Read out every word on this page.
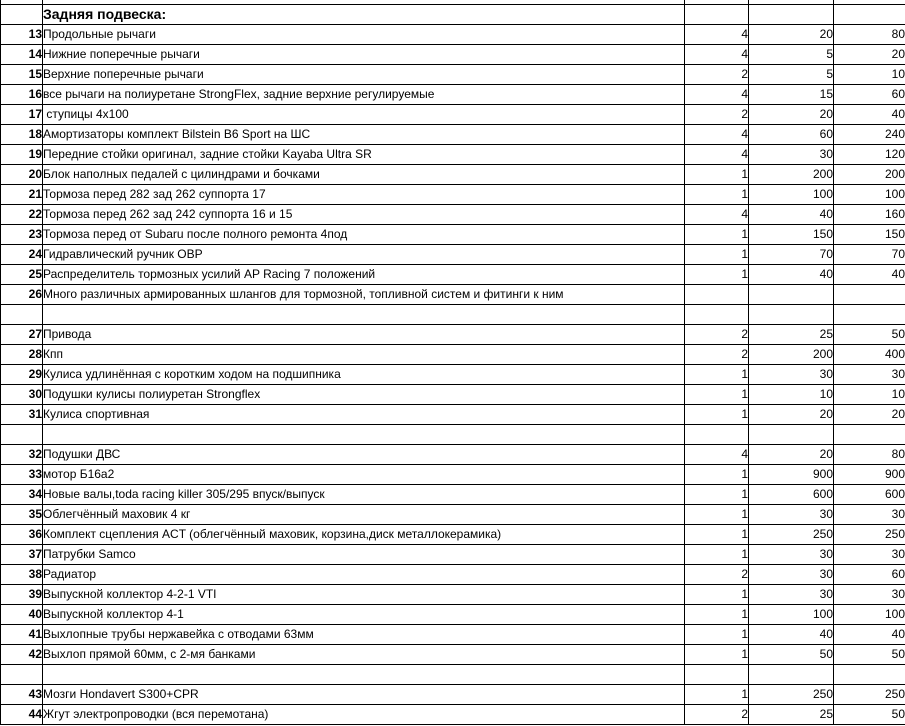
	Задняя подвеска:			
13	Продольные рычаги	4	20	80
14	Нижние поперечные рычаги	4	5	20
15	Верхние поперечные рычаги	2	5	10
16	все рычаги на полиуретане StrongFlex, задние верхние регулируемые	4	15	60
17	ступицы 4x100	2	20	40
18	Амортизаторы комплект Bilstein B6 Sport на ШС	4	60	240
19	Передние стойки оригинал, задние стойки Kayaba Ultra SR	4	30	120
20	Блок наполных педалей с цилиндрами и бочками	1	200	200
21	Тормоза перед 282 зад 262 суппорта 17	1	100	100
22	Тормоза перед 262 зад 242 суппорта 16 и 15	4	40	160
23	Тормоза перед от Subaru после полного ремонта 4под	1	150	150
24	Гидравлический ручник OBP	1	70	70
25	Распределитель тормозных усилий AP Racing 7 положений	1	40	40
26	Много различных армированных шлангов для тормозной, топливной систем и фитинги к ним			

27	Привода	2	25	50
28	Кпп	2	200	400
29	Кулиса удлинённая с коротким ходом на подшипника	1	30	30
30	Подушки кулисы полиуретан Strongflex	1	10	10
31	Кулиса спортивная	1	20	20

32	Подушки ДВС	4	20	80
33	мотор Б16а2	1	900	900
34	Новые валы,toda racing killer 305/295 впуск/выпуск	1	600	600
35	Облегчённый маховик 4 кг	1	30	30
36	Комплект сцепления ACT (облегчённый маховик, корзина,диск металлокерамика)	1	250	250
37	Патрубки Samco	1	30	30
38	Радиатор	2	30	60
39	Выпускной коллектор 4-2-1 VTI	1	30	30
40	Выпускной коллектор 4-1	1	100	100
41	Выхлопные трубы нержавейка с отводами 63мм	1	40	40
42	Выхлоп прямой 60мм, с 2-мя банками	1	50	50

43	Мозги Hondavert S300+CPR	1	250	250
44	Жгут электропроводки (вся перемотана)	2	25	50
